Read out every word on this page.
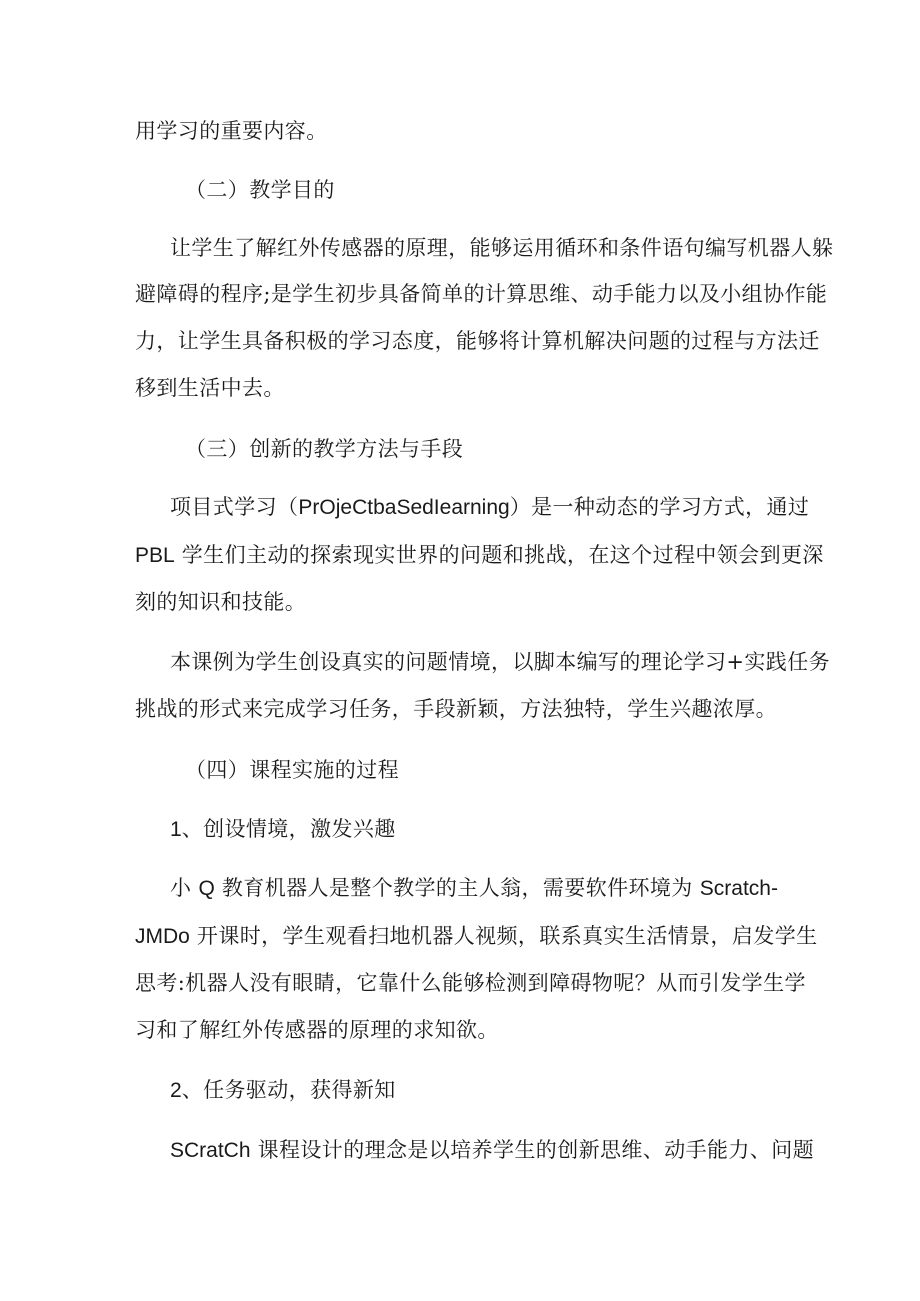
用学习的重要内容。
（二）教学目的
让学生了解红外传感器的原理，能够运用循环和条件语句编写机器人躲
避障碍的程序;是学生初步具备简单的计算思维、动手能力以及小组协作能
力，让学生具备积极的学习态度，能够将计算机解决问题的过程与方法迁
移到生活中去。
（三）创新的教学方法与手段
项目式学习（PrOjeCtbaSedIearning）是一种动态的学习方式，通过
PBL 学生们主动的探索现实世界的问题和挑战，在这个过程中领会到更深
刻的知识和技能。
本课例为学生创设真实的问题情境，以脚本编写的理论学习+实践任务
挑战的形式来完成学习任务，手段新颖，方法独特，学生兴趣浓厚。
（四）课程实施的过程
1、创设情境，激发兴趣
小 Q 教育机器人是整个教学的主人翁，需要软件环境为 Scratch-
JMDo 开课时，学生观看扫地机器人视频，联系真实生活情景，启发学生
思考:机器人没有眼睛，它靠什么能够检测到障碍物呢？从而引发学生学
习和了解红外传感器的原理的求知欲。
2、任务驱动，获得新知
SCratCh 课程设计的理念是以培养学生的创新思维、动手能力、问题
